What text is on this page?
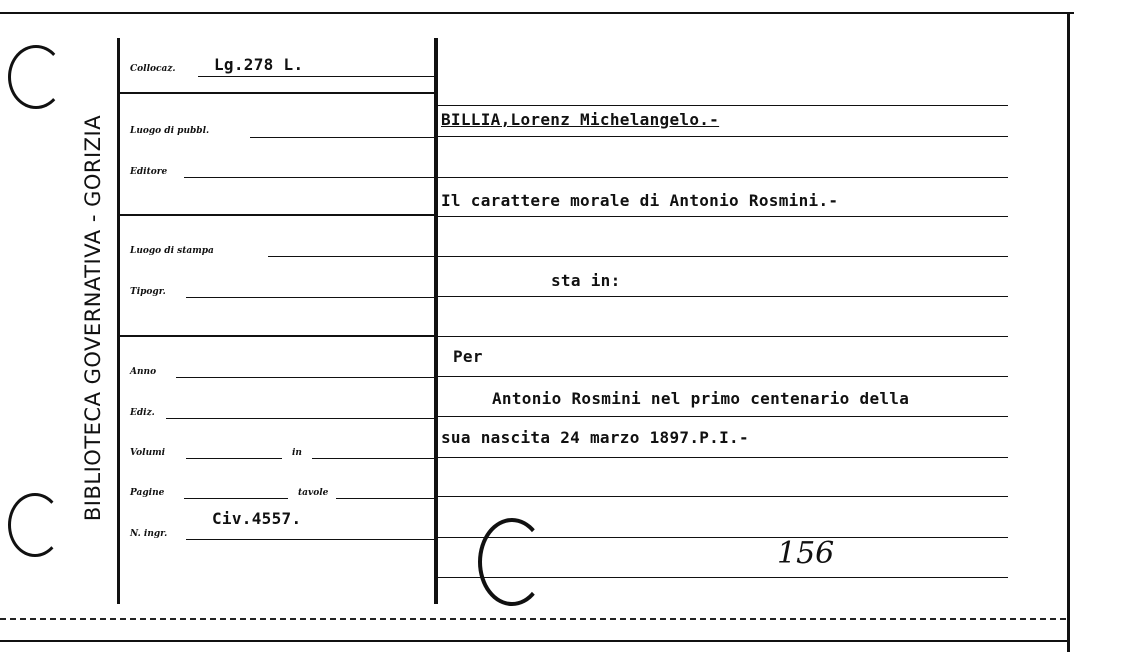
BIBLIOTECA GOVERNATIVA - GORIZIA
Collocaz. Lg.278 L.
Luogo di pubbl.
Editore
Luogo di stampa
Tipogr.
Anno
Ediz.
Volumi	in
Pagine	tavole
N. ingr.
Civ.4557.
BILLIA,Lorenz Michelangelo.-
Il carattere morale di Antonio Rosmini.-
sta in:
Per
Antonio Rosmini nel primo centenario della
sua nascita 24 marzo 1897.P.I.-
156
